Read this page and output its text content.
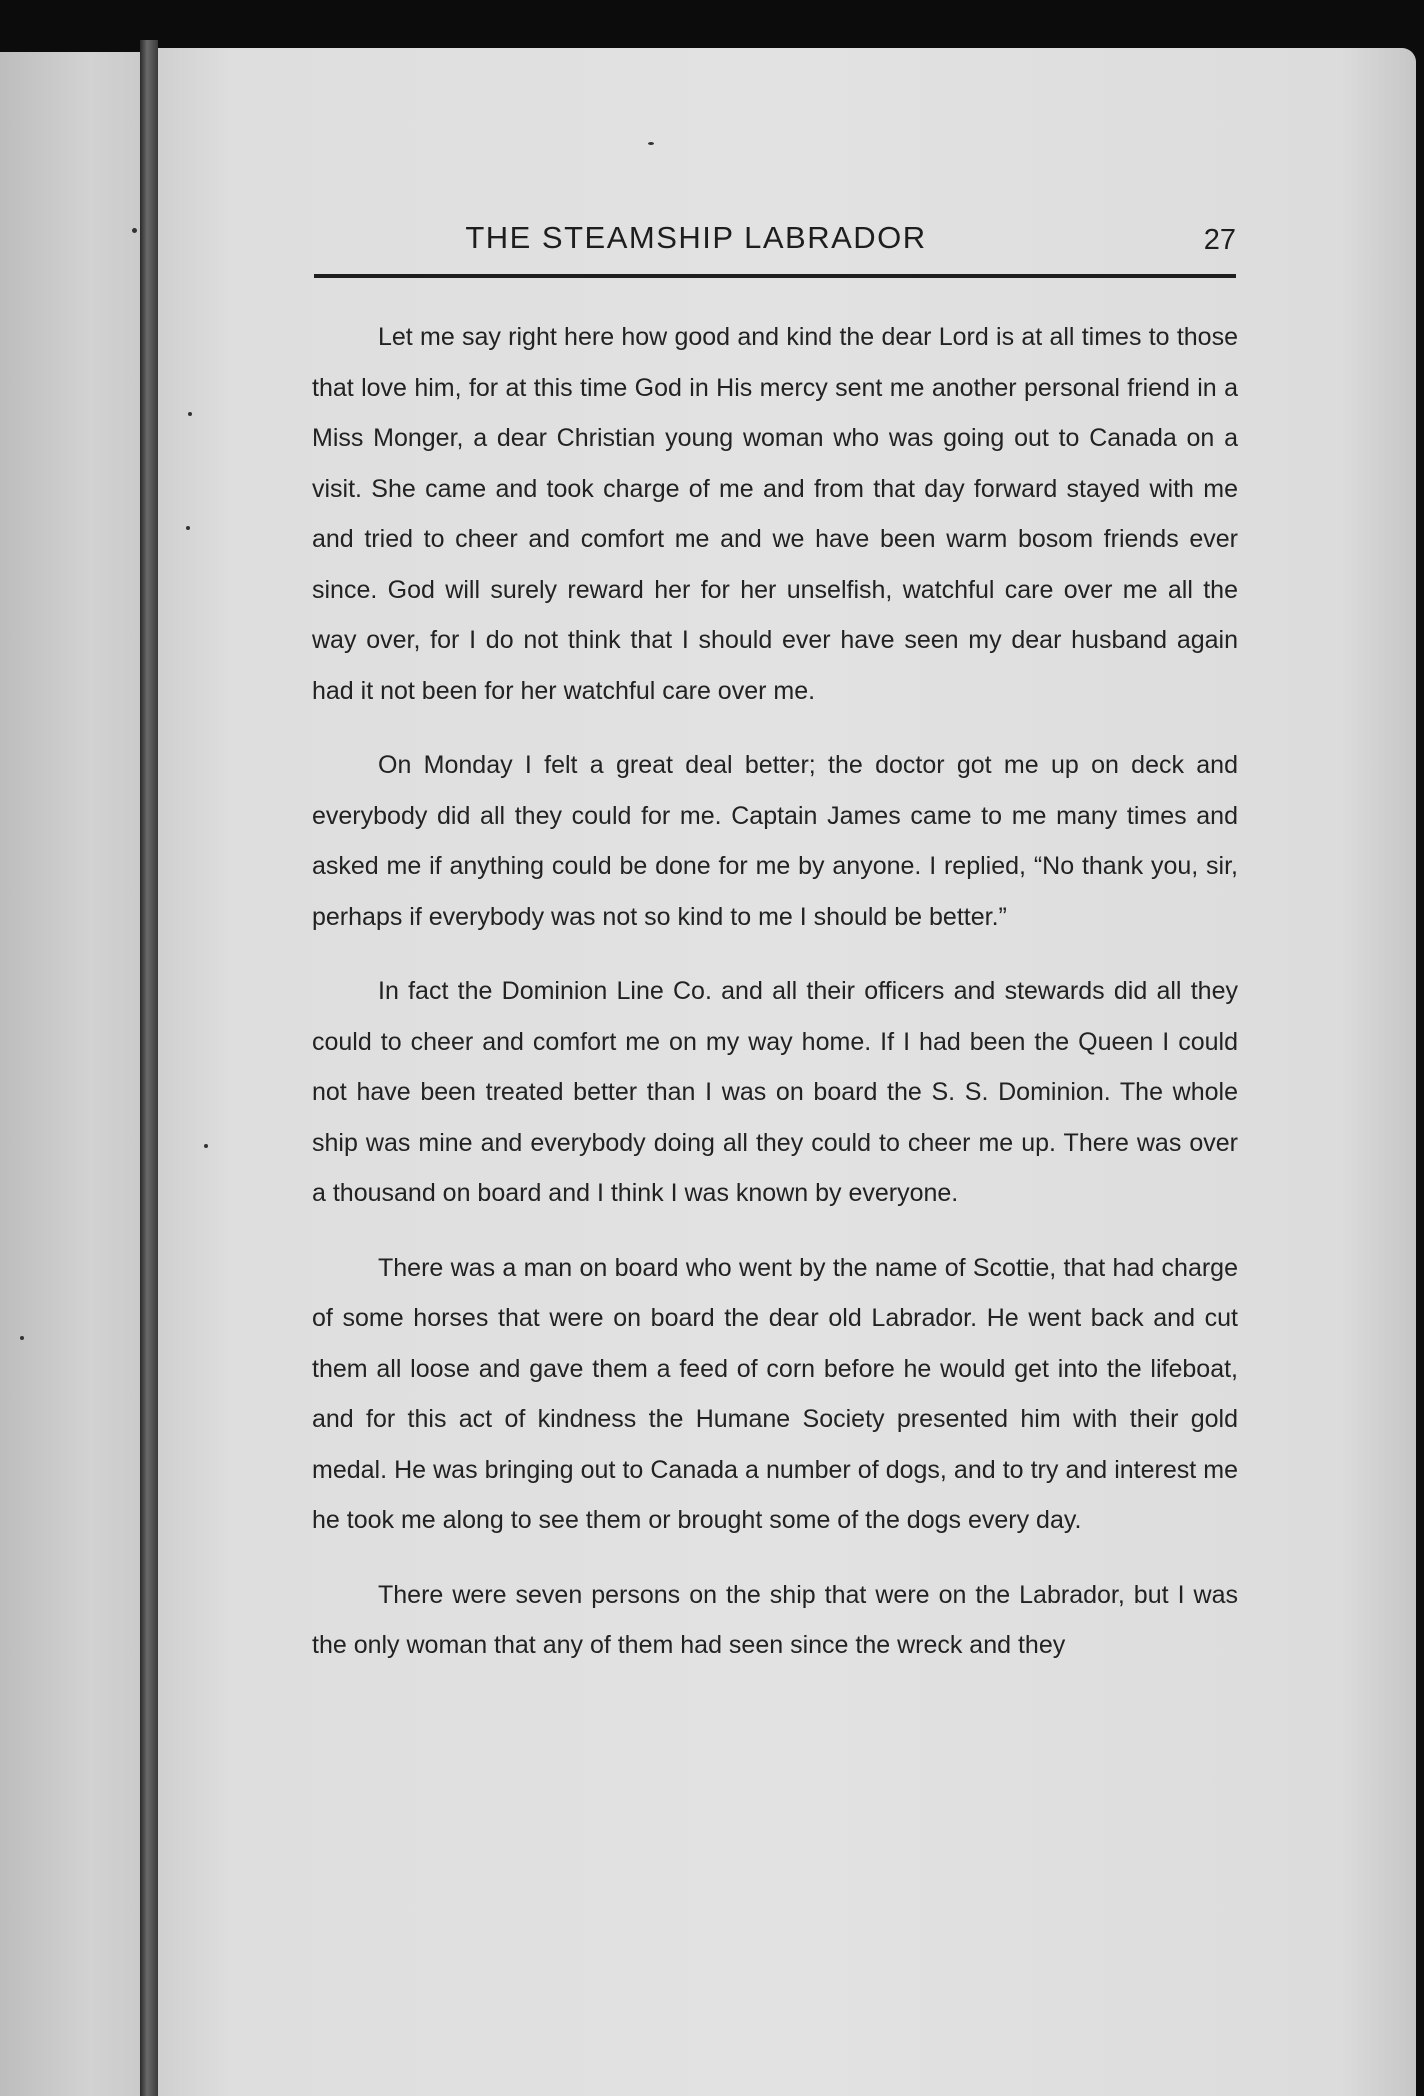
THE STEAMSHIP LABRADOR	27

Let me say right here how good and kind the dear Lord is at all times to those that love him, for at this time God in His mercy sent me another personal friend in a Miss Monger, a dear Christian young woman who was going out to Canada on a visit. She came and took charge of me and from that day forward stayed with me and tried to cheer and comfort me and we have been warm bosom friends ever since. God will surely reward her for her unselfish, watchful care over me all the way over, for I do not think that I should ever have seen my dear husband again had it not been for her watchful care over me.

On Monday I felt a great deal better; the doctor got me up on deck and everybody did all they could for me. Captain James came to me many times and asked me if anything could be done for me by anyone. I replied, “No thank you, sir, perhaps if everybody was not so kind to me I should be better.”

In fact the Dominion Line Co. and all their officers and stewards did all they could to cheer and comfort me on my way home. If I had been the Queen I could not have been treated better than I was on board the S. S. Dominion. The whole ship was mine and everybody doing all they could to cheer me up. There was over a thousand on board and I think I was known by everyone.

There was a man on board who went by the name of Scottie, that had charge of some horses that were on board the dear old Labrador. He went back and cut them all loose and gave them a feed of corn before he would get into the lifeboat, and for this act of kindness the Humane Society presented him with their gold medal. He was bringing out to Canada a number of dogs, and to try and interest me he took me along to see them or brought some of the dogs every day.

There were seven persons on the ship that were on the Labrador, but I was the only woman that any of them had seen since the wreck and they
